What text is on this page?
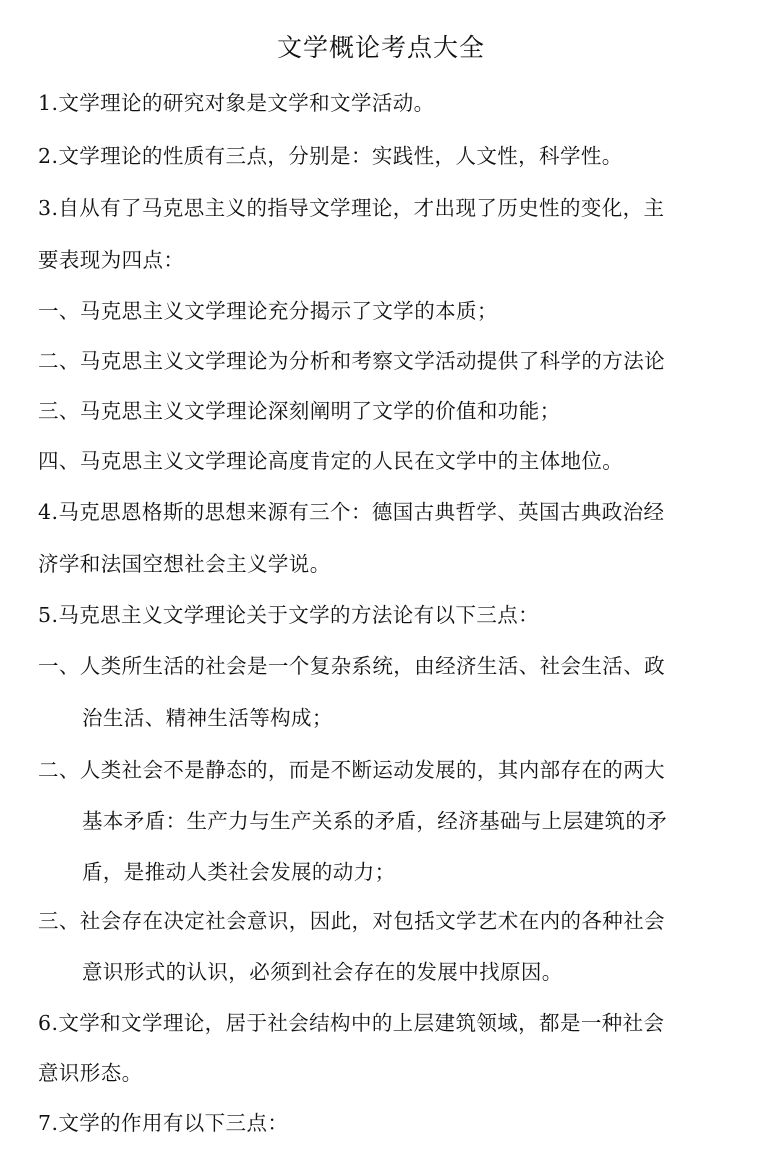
文学概论考点大全
1.文学理论的研究对象是文学和文学活动。
2.文学理论的性质有三点，分别是：实践性，人文性，科学性。
3.自从有了马克思主义的指导文学理论，才出现了历史性的变化，主
要表现为四点：
一、马克思主义文学理论充分揭示了文学的本质；
二、马克思主义文学理论为分析和考察文学活动提供了科学的方法论
三、马克思主义文学理论深刻阐明了文学的价值和功能；
四、马克思主义文学理论高度肯定的人民在文学中的主体地位。
4.马克思恩格斯的思想来源有三个：德国古典哲学、英国古典政治经
济学和法国空想社会主义学说。
5.马克思主义文学理论关于文学的方法论有以下三点：
一、人类所生活的社会是一个复杂系统，由经济生活、社会生活、政
治生活、精神生活等构成；
二、人类社会不是静态的，而是不断运动发展的，其内部存在的两大
基本矛盾：生产力与生产关系的矛盾，经济基础与上层建筑的矛
盾，是推动人类社会发展的动力；
三、社会存在决定社会意识，因此，对包括文学艺术在内的各种社会
意识形式的认识，必须到社会存在的发展中找原因。
6.文学和文学理论，居于社会结构中的上层建筑领域，都是一种社会
意识形态。
7.文学的作用有以下三点：
